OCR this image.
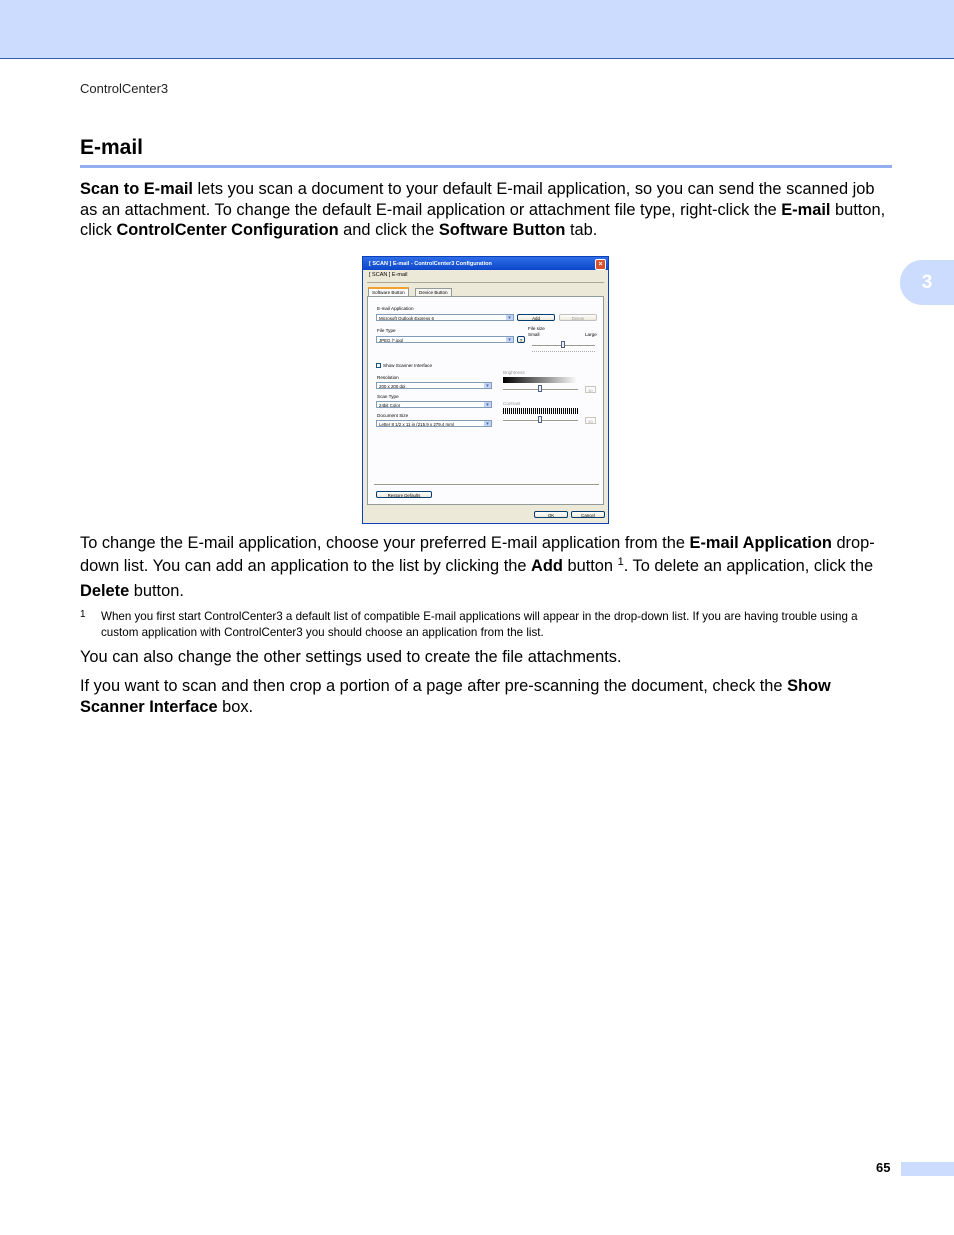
ControlCenter3
E-mail
Scan to E-mail lets you scan a document to your default E-mail application, so you can send the scanned job as an attachment. To change the default E-mail application or attachment file type, right-click the E-mail button, click ControlCenter Configuration and click the Software Button tab.
[ SCAN ] E-mail - ControlCenter3 Configuration	×
[ SCAN ] E-mail
Software Button	Device Button
E-mail Application
Microsoft Outlook Express 6	▾	Add	Delete
File Type
JPEG (*.jpg)	▾	?
File size
Small	Large
Show Scanner Interface
Resolution
200 x 200 dpi	▾
Scan Type
24bit Color	▾
Document Size
Letter 8 1/2 x 11 in (215.9 x 279.4 mm)	▾
Brightness
50
Contrast
50
Restore Defaults
OK	Cancel
To change the E-mail application, choose your preferred E-mail application from the E-mail Application drop-down list. You can add an application to the list by clicking the Add button $^1$. To delete an application, click the Delete button.
1 When you first start ControlCenter3 a default list of compatible E-mail applications will appear in the drop-down list. If you are having trouble using a custom application with ControlCenter3 you should choose an application from the list.
You can also change the other settings used to create the file attachments.
If you want to scan and then crop a portion of a page after pre-scanning the document, check the Show Scanner Interface box.
3
65
